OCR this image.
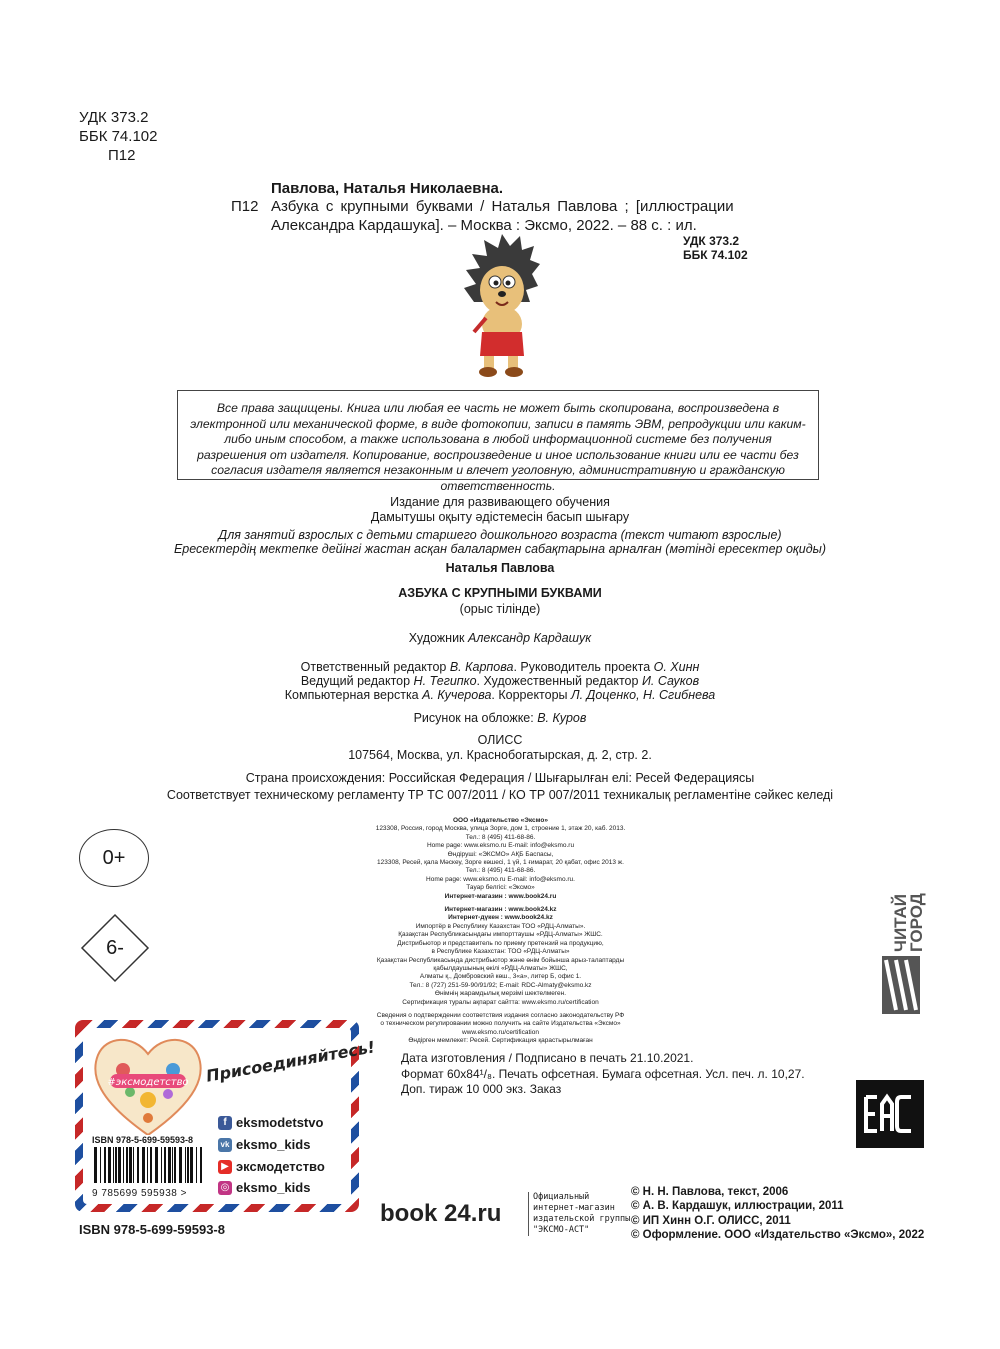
УДК 373.2
ББК 74.102
П12
Павлова, Наталья Николаевна.
П12 Азбука с крупными буквами / Наталья Павлова ; [иллюстрации
Александра Кардашука]. – Москва : Эксмо, 2022. – 88 с. : ил.
УДК 373.2
ББК 74.102
Все права защищены. Книга или любая ее часть не может быть скопирована, воспроизведена в электронной или механической форме, в виде фотокопии, записи в память ЭВМ, репродукции или каким-либо иным способом, а также использована в любой информационной системе без получения разрешения от издателя. Копирование, воспроизведение и иное использование книги или ее части без согласия издателя является незаконным и влечет уголовную, административную и гражданскую ответственность.
Издание для развивающего обучения
Дамытушы оқыту әдістемесін басып шығару
Для занятий взрослых с детьми старшего дошкольного возраста (текст читают взрослые)
Ересектердің мектепке дейінгі жастан асқан балалармен сабақтарына арналған (мәтінді ересектер оқиды)
Наталья Павлова
АЗБУКА С КРУПНЫМИ БУКВАМИ
(орыс тілінде)
Художник Александр Кардашук
Ответственный редактор В. Карпова. Руководитель проекта О. Хинн
Ведущий редактор Н. Тегипко. Художественный редактор И. Сауков
Компьютерная верстка А. Кучерова. Корректоры Л. Доценко, Н. Сгибнева
Рисунок на обложке: В. Куров
ОЛИСС
107564, Москва, ул. Краснобогатырская, д. 2, стр. 2.
Страна происхождения: Российская Федерация / Шығарылған елі: Ресей Федерациясы
Соответствует техническому регламенту ТР ТС 007/2011 / КО ТР 007/2011 техникалық регламентіне сәйкес келеді
ООО «Издательство «Эксмо»
123308, Россия, город Москва, улица Зорге, дом 1, строение 1, этаж 20, каб. 2013.
Тел.: 8 (495) 411-68-86.
Home page: www.eksmo.ru E-mail: info@eksmo.ru
Өндіруші: «ЭКСМО» АҚБ Баспасы,
123308, Ресей, қала Мәскеу, Зорге көшесі, 1 үй, 1 ғимарат, 20 қабат, офис 2013 ж.
Тел.: 8 (495) 411-68-86.
Home page: www.eksmo.ru E-mail: info@eksmo.ru.
Тауар белгісі: «Эксмо»
Интернет-магазин : www.book24.ru
Интернет-магазин : www.book24.kz
Интернет-дүкен : www.book24.kz
Импортёр в Республику Казахстан ТОО «РДЦ-Алматы».
Қазақстан Республикасындағы импорттаушы «РДЦ-Алматы» ЖШС.
Дистрибьютор и представитель по приему претензий на продукцию,
в Республике Казахстан: ТОО «РДЦ-Алматы»
Қазақстан Республикасында дистрибьютор және өнім бойынша арыз-талаптарды
қабылдаушының өкілі «РДЦ-Алматы» ЖШС,
Алматы қ., Домбровский көш., 3«а», литер Б, офис 1.
Тел.: 8 (727) 251-59-90/91/92; E-mail: RDC-Almaty@eksmo.kz
Өнімнің жарамдылық мерзімі шектелмеген.
Сертификация туралы ақпарат сайтта: www.eksmo.ru/certification
Сведения о подтверждении соответствия издания согласно законодательству РФ
о техническом регулировании можно получить на сайте Издательства «Эксмо»
www.eksmo.ru/certification
Өндірген мемлекет: Ресей. Сертификация қарастырылмаған
0+
6-	ЧИТАЙ
ГОРОД
#эксмодетство Присоединяйтесь!
f eksmodetstvo
vk eksmo_kids
▶ эксмодетство
◎ eksmo_kids
ISBN 978-5-699-59593-8
9 785699 595938 >
ISBN 978-5-699-59593-8
Дата изготовления / Подписано в печать 21.10.2021.
Формат 60x84¹/₈. Печать офсетная. Бумага офсетная. Усл. печ. л. 10,27.
Доп. тираж 10 000 экз. Заказ
book 24.ru
Официальный
интернет-магазин
издательской группы
"ЭКСМО-АСТ"
© Н. Н. Павлова, текст, 2006
© А. В. Кардашук, иллюстрации, 2011
© ИП Хинн О.Г. ОЛИСС, 2011
© Оформление. ООО «Издательство «Эксмо», 2022
